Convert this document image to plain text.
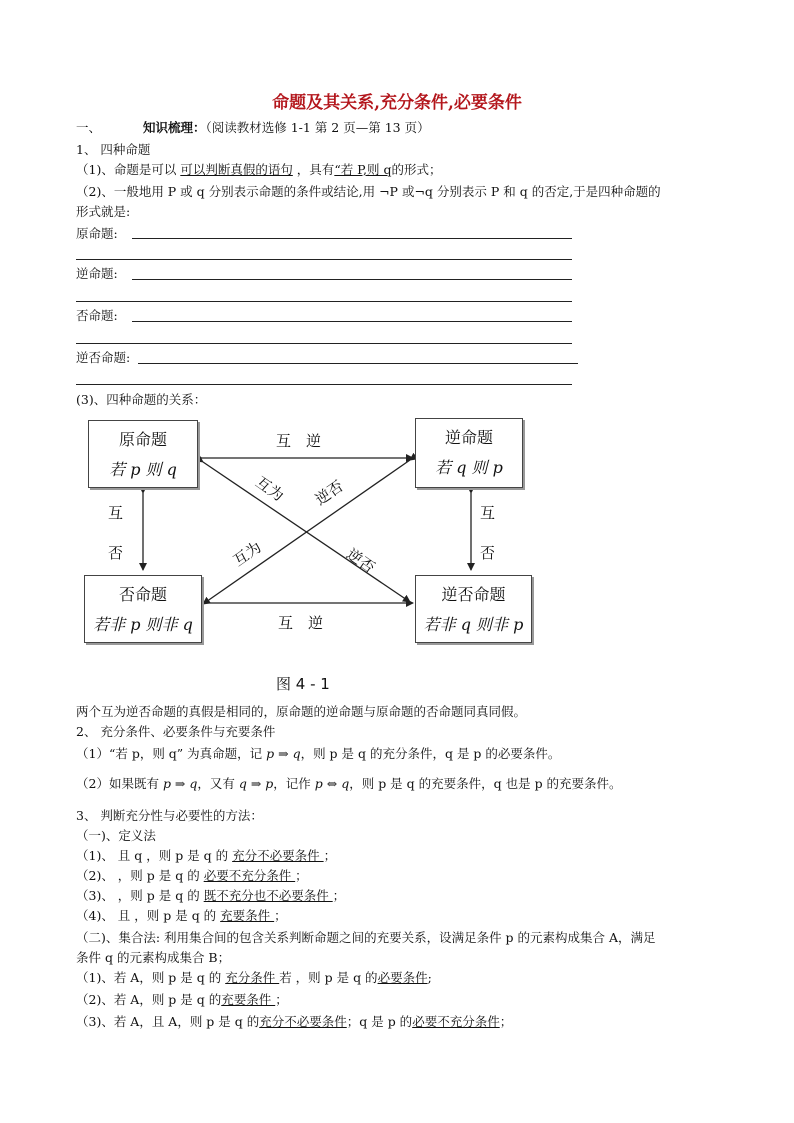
命题及其关系,充分条件,必要条件
一、	知识梳理：（阅读教材选修 1-1 第 2 页—第 13 页）
1、 四种命题
（1)、命题是可以 可以判断真假的语句 ，具有“若 P,则 q的形式；
（2)、一般地用 P 或 q 分别表示命题的条件或结论,用 ¬P 或¬q 分别表示 P 和 q 的否定,于是四种命题的
形式就是:
原命题:
逆命题:
否命题:
逆否命题:
(3)、四种命题的关系：
原命题
若 p 则 q
逆命题
若 q 则 p
否命题
若非 p 则非 q
逆否命题
若非 q 则非 p
互　逆
互　逆
互
否
互
否
互为 逆否
互为	逆否
图 4 - 1
两个互为逆否命题的真假是相同的，原命题的逆命题与原命题的否命题同真同假。
2、 充分条件、必要条件与充要条件
（1）“若 p，则 q” 为真命题，记 p ⇒ q，则 p 是 q 的充分条件，q 是 p 的必要条件。
（2）如果既有 p ⇒ q，又有 q ⇒ p，记作 p ⇔ q，则 p 是 q 的充要条件，q 也是 p 的充要条件。
3、 判断充分性与必要性的方法：
（一)、定义法
（1)、 且 q ，则 p 是 q 的 充分不必要条件 ；
（2)、 ，则 p 是 q 的 必要不充分条件 ；
（3)、 ，则 p 是 q 的 既不充分也不必要条件 ；
（4)、 且 ，则 p 是 q 的 充要条件 ；
（二)、集合法: 利用集合间的包含关系判断命题之间的充要关系，设满足条件 p 的元素构成集合 A，满足
条件 q 的元素构成集合 B；
（1)、若 A，则 p 是 q 的 充分条件 若 ，则 p 是 q 的必要条件;
（2)、若 A，则 p 是 q 的充要条件 ；
（3)、若 A，且 A，则 p 是 q 的充分不必要条件；q 是 p 的必要不充分条件；
